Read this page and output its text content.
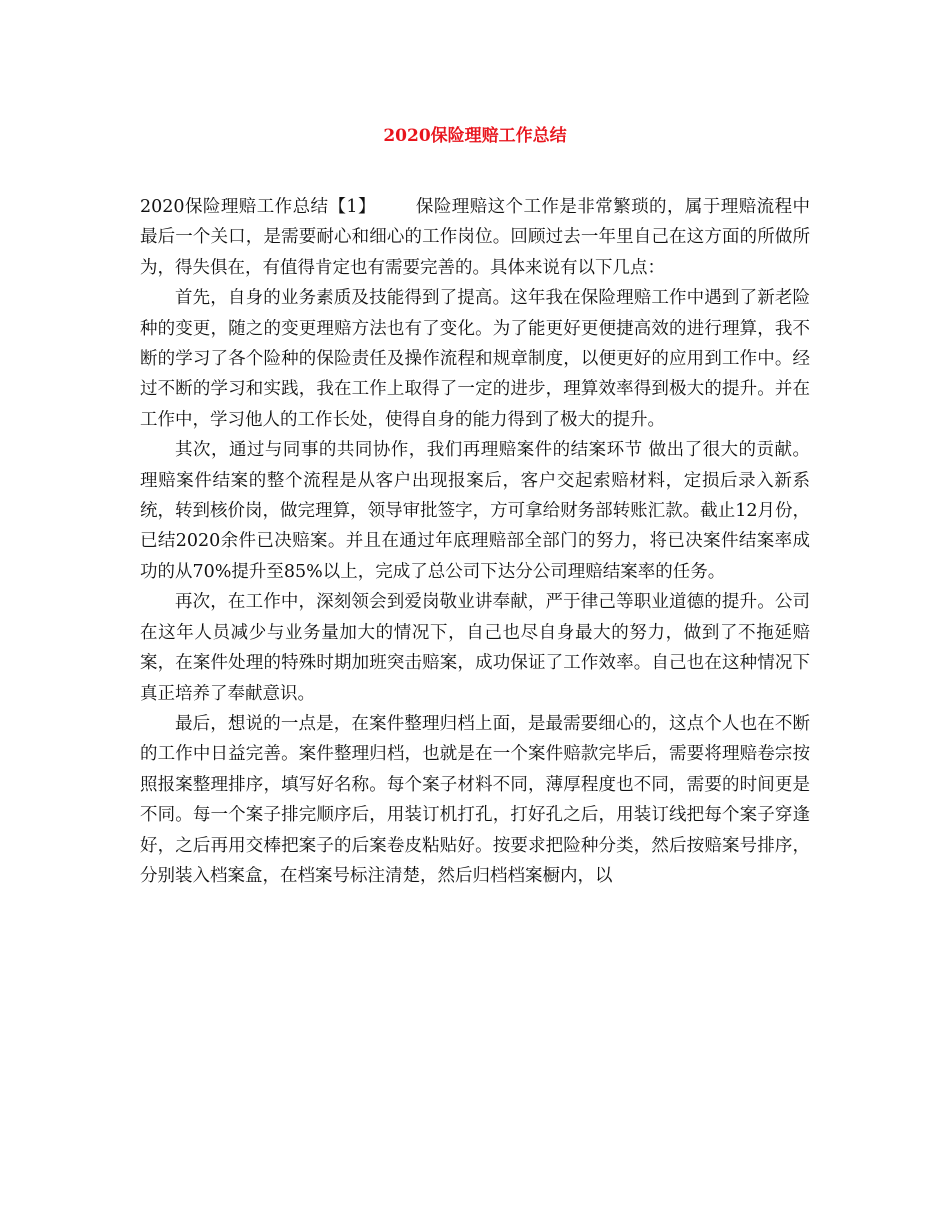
2020保险理赔工作总结

2020保险理赔工作总结【1】 保险理赔这个工作是非常繁琐的，属于理赔流程中最后一个关口，是需要耐心和细心的工作岗位。回顾过去一年里自己在这方面的所做所为，得失俱在，有值得肯定也有需要完善的。具体来说有以下几点：

首先，自身的业务素质及技能得到了提高。这年我在保险理赔工作中遇到了新老险种的变更，随之的变更理赔方法也有了变化。为了能更好更便捷高效的进行理算，我不断的学习了各个险种的保险责任及操作流程和规章制度，以便更好的应用到工作中。经过不断的学习和实践，我在工作上取得了一定的进步，理算效率得到极大的提升。并在工作中，学习他人的工作长处，使得自身的能力得到了极大的提升。

其次，通过与同事的共同协作，我们再理赔案件的结案环节 做出了很大的贡献。理赔案件结案的整个流程是从客户出现报案后，客户交起索赔材料，定损后录入新系统，转到核价岗，做完理算，领导审批签字，方可拿给财务部转账汇款。截止12月份，已结2020余件已决赔案。并且在通过年底理赔部全部门的努力，将已决案件结案率成功的从70%提升至85%以上，完成了总公司下达分公司理赔结案率的任务。

再次，在工作中，深刻领会到爱岗敬业讲奉献，严于律己等职业道德的提升。公司在这年人员减少与业务量加大的情况下，自己也尽自身最大的努力，做到了不拖延赔案，在案件处理的特殊时期加班突击赔案，成功保证了工作效率。自己也在这种情况下真正培养了奉献意识。

最后，想说的一点是，在案件整理归档上面，是最需要细心的，这点个人也在不断的工作中日益完善。案件整理归档，也就是在一个案件赔款完毕后，需要将理赔卷宗按照报案整理排序，填写好名称。每个案子材料不同，薄厚程度也不同，需要的时间更是不同。每一个案子排完顺序后，用装订机打孔，打好孔之后，用装订线把每个案子穿逢好，之后再用交棒把案子的后案卷皮粘贴好。按要求把险种分类，然后按赔案号排序，分别装入档案盒，在档案号标注清楚，然后归档档案橱内，以
